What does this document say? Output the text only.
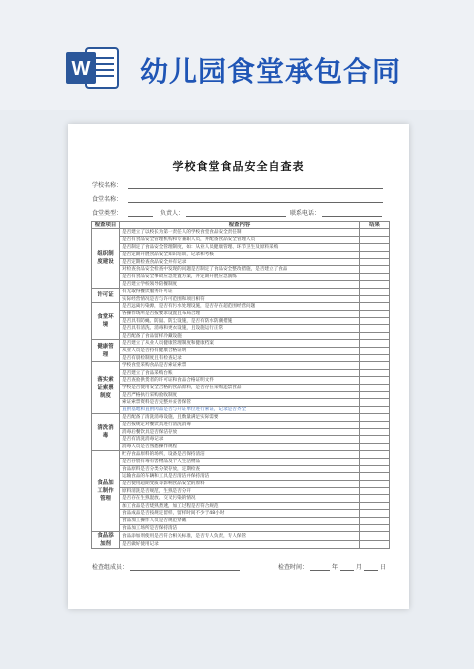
W 幼儿园食堂承包合同
学校食堂食品安全自查表
学校名称：
食堂名称：
食堂类型：	负责人：	联系电话：
检查项目	检查内容	结果
组织制度建设	是否建立了以校长为第一责任人的学校食堂食品安全责任制	
	是否有食品安全管理机构和专兼职人员，并配备食品安全管理人员	
	是否制定了食品安全管理制度，如：从业人员健康管理、环节卫生及原料采购	
	是否定期开展食品安全知识培训，记录和考核	
	是否定期检查食品安全并有记录	
	对检查食品安全检查中发现的问题是否制定了食品安全整改措施，是否建立了食品	
	是否有食品安全事故应急处置方案，并定期开展应急演练	
	是否建立学校领导陪餐制度	
许可证	有无取得餐饮服务许可证	
	实际经营情况是否与许可范围和项目相符	
食堂环境	是否远离污染源，是否有污水处理设施，是否存在超范围经营问题	
	各操作场所是否按要求设置且布局合理	
	是否具有防蝇、防鼠、防尘设施，是否有防水防潮措施	
	是否具有清洗、消毒和更衣设施，且设施运行正常	
	是否配备了食品留样冷藏设施	
健康管理	是否建立了从业人员健康管理制度和健康档案	
	从业人员是否持有健康合格证明	
	是否有晨检制度且有检查记录	
落实索证索票制度	学校食堂采购食品是否索证索票	
	是否建立了食品采购台账	
	是否查验供货者的许可证和食品合格证明文件	
	学校是否使用安全合格的食品原料，是否存在采购违禁食品	
	是否严格执行采购验收制度	
	索证索票资料是否完整并妥善保管	
	直供基地和直供肉品是否与开证单位进行索证，记录是否齐全	
清洗消毒	是否配备了清洗消毒设施，且数量满足实际需要	
	是否按规定对餐饮具进行清洗消毒	
	消毒后餐饮具是否保洁存放	
	是否有清洗消毒记录	
	消毒人员是否熟悉操作规程	
食品加工制作管理	贮存食品原料的场所，设备是否保持清洁	
	是否存放有毒有害物品及个人生活物品	
	食品原料是否分类分架存放，定期检查	
	运输食品的车辆和工具是否清洁并保持清洁	
	是否使用超期变质等影响食品安全的原料	
	原料清洗是否规范，生熟是否分开	
	是否存在生熟混放、交叉污染的情况	
	加工食品是否烧熟煮透，加工过程是否符合规范	
	食品成品是否按规定留样，留样时间不少于48小时	
	食品加工操作人员是否规范穿戴	
	食品加工场所是否保持清洁	
食品添加剂	食品添加剂使用是否符合相关标准，是否专人负责，专人保管	
	是否做好使用记录	
检查组成员：	检查时间：	年	月	日
